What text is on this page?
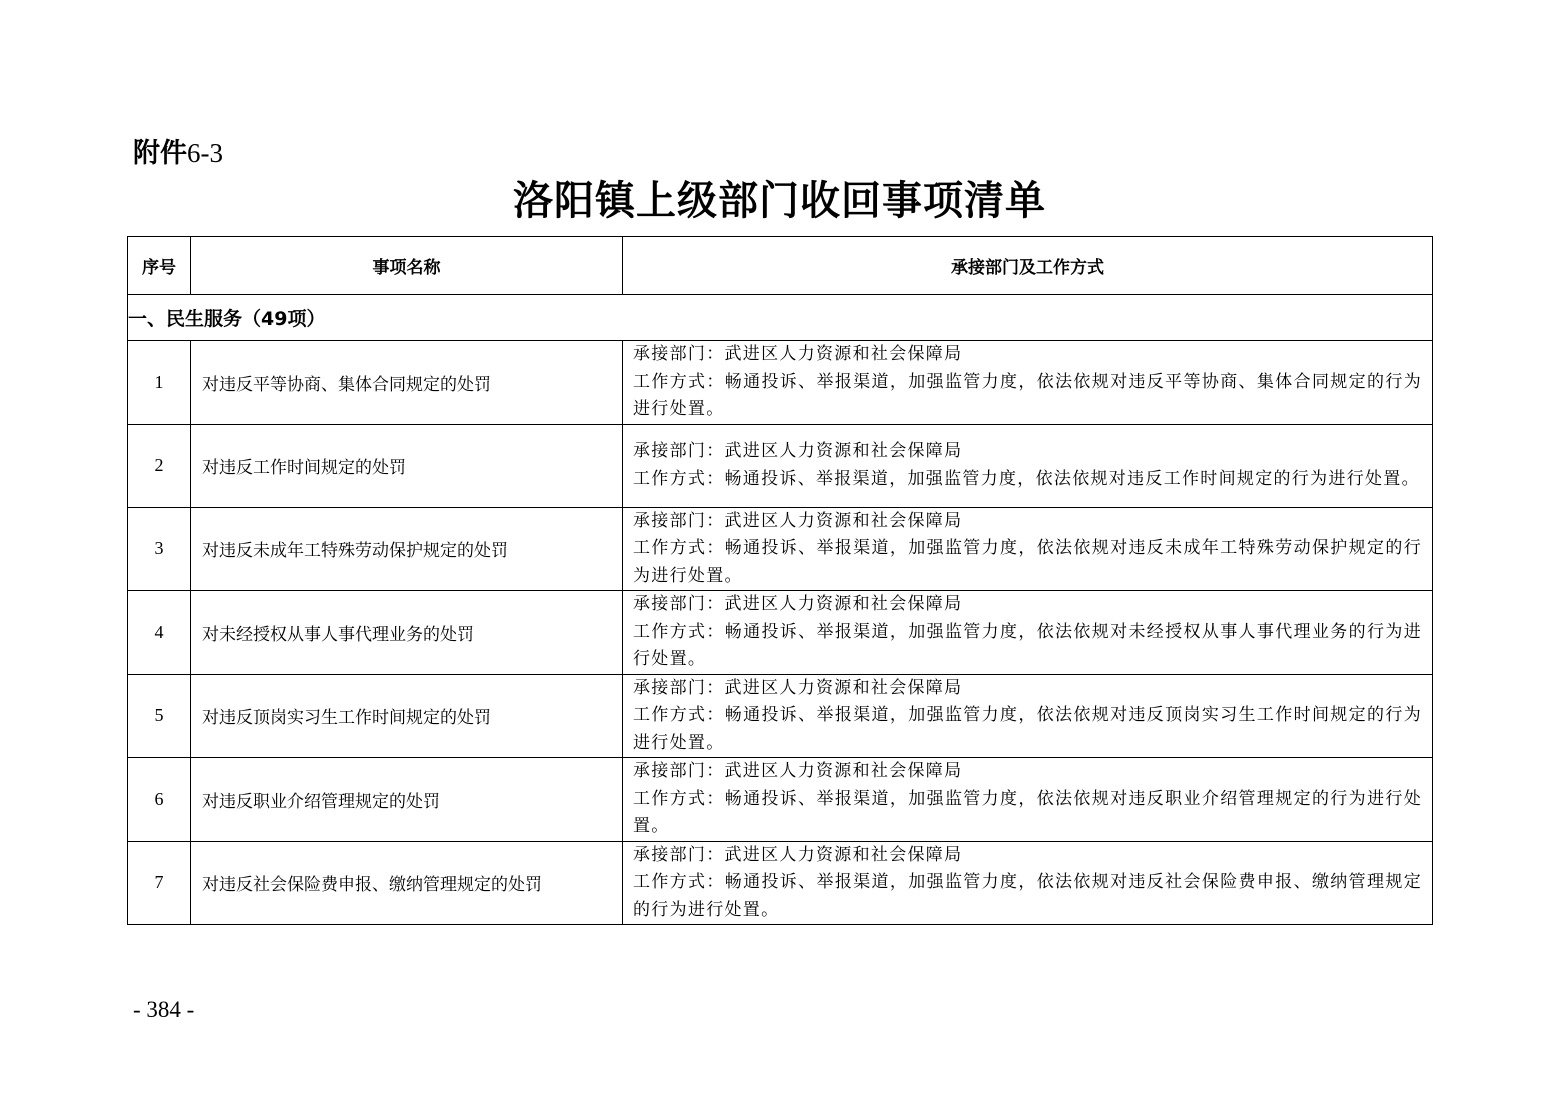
附件6-3
洛阳镇上级部门收回事项清单
序号	事项名称	承接部门及工作方式
一、民生服务（49项）		
1	对违反平等协商、集体合同规定的处罚	承接部门：武进区人力资源和社会保障局
工作方式：畅通投诉、举报渠道，加强监管力度，依法依规对违反平等协商、集体合同规定的行为进行处置。

2	对违反工作时间规定的处罚	承接部门：武进区人力资源和社会保障局
工作方式：畅通投诉、举报渠道，加强监管力度，依法依规对违反工作时间规定的行为进行处置。

3	对违反未成年工特殊劳动保护规定的处罚	承接部门：武进区人力资源和社会保障局
工作方式：畅通投诉、举报渠道，加强监管力度，依法依规对违反未成年工特殊劳动保护规定的行为进行处置。

4	对未经授权从事人事代理业务的处罚	承接部门：武进区人力资源和社会保障局
工作方式：畅通投诉、举报渠道，加强监管力度，依法依规对未经授权从事人事代理业务的行为进行处置。

5	对违反顶岗实习生工作时间规定的处罚	承接部门：武进区人力资源和社会保障局
工作方式：畅通投诉、举报渠道，加强监管力度，依法依规对违反顶岗实习生工作时间规定的行为进行处置。

6	对违反职业介绍管理规定的处罚	承接部门：武进区人力资源和社会保障局
工作方式：畅通投诉、举报渠道，加强监管力度，依法依规对违反职业介绍管理规定的行为进行处置。

7	对违反社会保险费申报、缴纳管理规定的处罚	承接部门：武进区人力资源和社会保障局
工作方式：畅通投诉、举报渠道，加强监管力度，依法依规对违反社会保险费申报、缴纳管理规定的行为进行处置。
- 384 -
